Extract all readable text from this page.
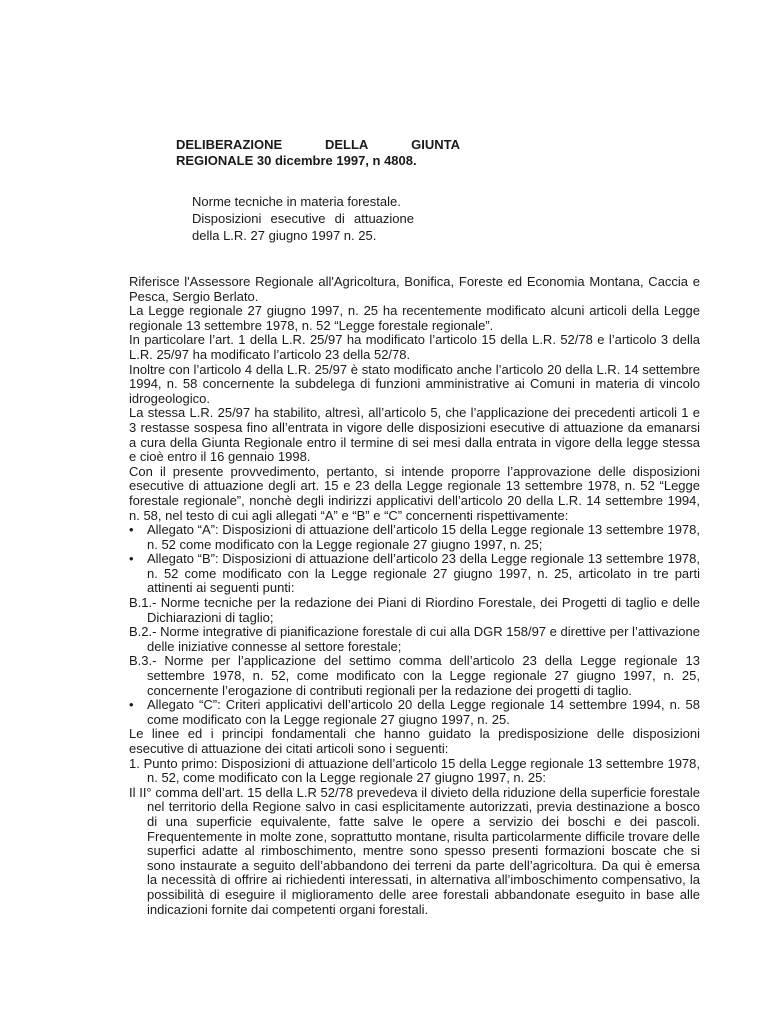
DELIBERAZIONE	DELLA	GIUNTA
REGIONALE 30 dicembre 1997, n 4808.
Norme tecniche in materia forestale.
Disposizioni esecutive di attuazione
della L.R. 27 giugno 1997 n. 25.

Riferisce l'Assessore Regionale all'Agricoltura, Bonifica, Foreste ed Economia Montana, Caccia e Pesca, Sergio Berlato.

La Legge regionale 27 giugno 1997, n. 25 ha recentemente modificato alcuni articoli della Legge regionale 13 settembre 1978, n. 52 “Legge forestale regionale”.

In particolare l’art. 1 della L.R. 25/97 ha modificato l’articolo 15 della L.R. 52/78 e l’articolo 3 della L.R. 25/97 ha modificato l’articolo 23 della 52/78.

Inoltre con l’articolo 4 della L.R. 25/97 è stato modificato anche l’articolo 20 della L.R. 14 settembre 1994, n. 58 concernente la subdelega di funzioni amministrative ai Comuni in materia di vincolo idrogeologico.

La stessa L.R. 25/97 ha stabilito, altresì, all’articolo 5, che l’applicazione dei precedenti articoli 1 e 3 restasse sospesa fino all’entrata in vigore delle disposizioni esecutive di attuazione da emanarsi a cura della Giunta Regionale entro il termine di sei mesi dalla entrata in vigore della legge stessa e cioè entro il 16 gennaio 1998.

Con il presente provvedimento, pertanto, si intende proporre l’approvazione delle disposizioni esecutive di attuazione degli art. 15 e 23 della Legge regionale 13 settembre 1978, n. 52 “Legge forestale regionale”, nonchè degli indirizzi applicativi dell’articolo 20 della L.R. 14 settembre 1994, n. 58, nel testo di cui agli allegati “A” e “B” e “C” concernenti rispettivamente:

• Allegato “A”: Disposizioni di attuazione dell’articolo 15 della Legge regionale 13 settembre 1978, n. 52 come modificato con la Legge regionale 27 giugno 1997, n. 25;

• Allegato “B”: Disposizioni di attuazione dell’articolo 23 della Legge regionale 13 settembre 1978, n. 52 come modificato con la Legge regionale 27 giugno 1997, n. 25, articolato in tre parti attinenti ai seguenti punti:

B.1.- Norme tecniche per la redazione dei Piani di Riordino Forestale, dei Progetti di taglio e delle Dichiarazioni di taglio;

B.2.- Norme integrative di pianificazione forestale di cui alla DGR 158/97 e direttive per l’attivazione delle iniziative connesse al settore forestale;

B.3.- Norme per l’applicazione del settimo comma dell’articolo 23 della Legge regionale 13 settembre 1978, n. 52, come modificato con la Legge regionale 27 giugno 1997, n. 25, concernente l’erogazione di contributi regionali per la redazione dei progetti di taglio.

• Allegato “C”: Criteri applicativi dell’articolo 20 della Legge regionale 14 settembre 1994, n. 58 come modificato con la Legge regionale 27 giugno 1997, n. 25.

Le linee ed i principi fondamentali che hanno guidato la predisposizione delle disposizioni esecutive di attuazione dei citati articoli sono i seguenti:

1. Punto primo: Disposizioni di attuazione dell’articolo 15 della Legge regionale 13 settembre 1978, n. 52, come modificato con la Legge regionale 27 giugno 1997, n. 25:

Il II° comma dell’art. 15 della L.R 52/78 prevedeva il divieto della riduzione della superficie forestale nel territorio della Regione salvo in casi esplicitamente autorizzati, previa destinazione a bosco di una superficie equivalente, fatte salve le opere a servizio dei boschi e dei pascoli. Frequentemente in molte zone, soprattutto montane, risulta particolarmente difficile trovare delle superfici adatte al rimboschimento, mentre sono spesso presenti formazioni boscate che si sono instaurate a seguito dell’abbandono dei terreni da parte dell’agricoltura. Da qui è emersa la necessità di offrire ai richiedenti interessati, in alternativa all’imboschimento compensativo, la possibilità di eseguire il miglioramento delle aree forestali abbandonate eseguito in base alle indicazioni fornite dai competenti organi forestali.
